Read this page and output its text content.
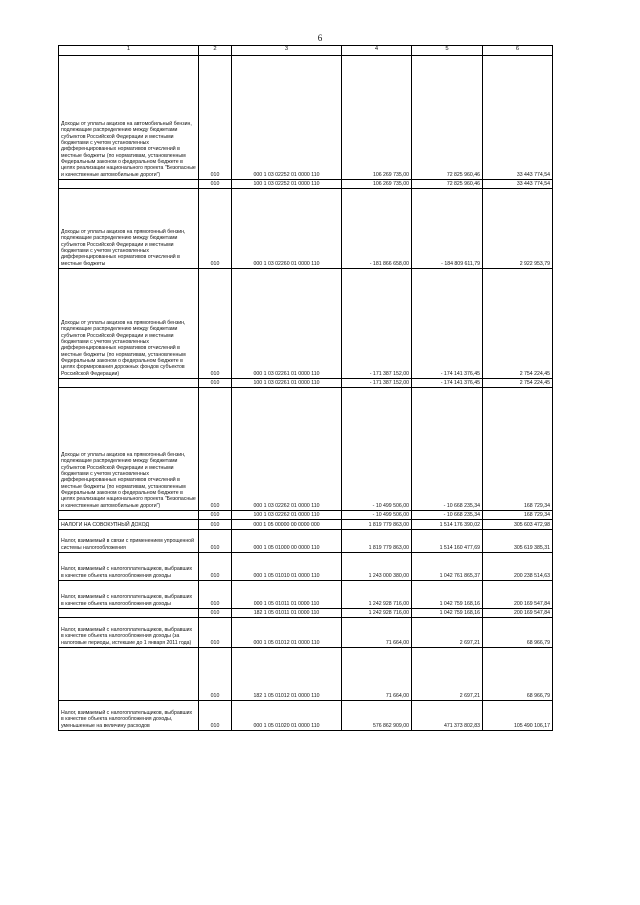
6
1	2	3	4	5	6
Доходы от уплаты акцизов на автомобильный бензин, подлежащие распределению между бюджетами субъектов Российской Федерации и местными бюджетами с учетом установленных дифференцированных нормативов отчислений в местные бюджеты (по нормативам, установленным Федеральным законом о федеральном бюджете в целях реализации национального проекта "Безопасные и качественные автомобильные дороги")	010	000 1 03 02252 01 0000 110	106 269 735,00	72 825 960,46	33 443 774,54
	010	100 1 03 02252 01 0000 110	106 269 735,00	72 825 960,46	33 443 774,54
Доходы от уплаты акцизов на прямогонный бензин, подлежащие распределению между бюджетами субъектов Российской Федерации и местными бюджетами с учетом установленных дифференцированных нормативов отчислений в местные бюджеты	010	000 1 03 02260 01 0000 110	- 181 866 658,00	- 184 809 611,79	2 922 953,79
Доходы от уплаты акцизов на прямогонный бензин, подлежащие распределению между бюджетами субъектов Российской Федерации и местными бюджетами с учетом установленных дифференцированных нормативов отчислений в местные бюджеты (по нормативам, установленным Федеральным законом о федеральном бюджете в целях формирования дорожных фондов субъектов Российской Федерации)	010	000 1 03 02261 01 0000 110	- 171 387 152,00	- 174 141 376,45	2 754 224,45
	010	100 1 03 02261 01 0000 110	- 171 387 152,00	- 174 141 376,45	2 754 224,45
Доходы от уплаты акцизов на прямогонный бензин, подлежащие распределению между бюджетами субъектов Российской Федерации и местными бюджетами с учетом установленных дифференцированных нормативов отчислений в местные бюджеты (по нормативам, установленным Федеральным законом о федеральном бюджете в целях реализации национального проекта "Безопасные и качественные автомобильные дороги")	010	000 1 03 02262 01 0000 110	- 10 499 506,00	- 10 668 235,34	168 729,34
	010	100 1 03 02262 01 0000 110	- 10 499 506,00	- 10 668 235,34	168 729,34
НАЛОГИ НА СОВОКУПНЫЙ ДОХОД	010	000 1 05 00000 00 0000 000	1 819 779 863,00	1 514 176 390,02	305 603 472,98
Налог, взимаемый в связи с применением упрощенной системы налогообложения	010	000 1 05 01000 00 0000 110	1 819 779 863,00	1 514 160 477,69	305 619 385,31
Налог, взимаемый с налогоплательщиков, выбравших в качестве объекта налогообложения доходы	010	000 1 05 01010 01 0000 110	1 243 000 380,00	1 042 761 865,37	200 238 514,63
Налог, взимаемый с налогоплательщиков, выбравших в качестве объекта налогообложения доходы	010	000 1 05 01011 01 0000 110	1 242 928 716,00	1 042 759 168,16	200 169 547,84
	010	182 1 05 01011 01 0000 110	1 242 928 716,00	1 042 759 168,16	200 169 547,84
Налог, взимаемый с налогоплательщиков, выбравших в качестве объекта налогообложения доходы (за налоговые периоды, истекшие до 1 января 2011 года)	010	000 1 05 01012 01 0000 110	71 664,00	2 697,21	68 966,79
	010	182 1 05 01012 01 0000 110	71 664,00	2 697,21	68 966,79
Налог, взимаемый с налогоплательщиков, выбравших в качестве объекта налогообложения доходы, уменьшенные на величину расходов	010	000 1 05 01020 01 0000 110	576 862 909,00	471 373 802,83	105 490 106,17
